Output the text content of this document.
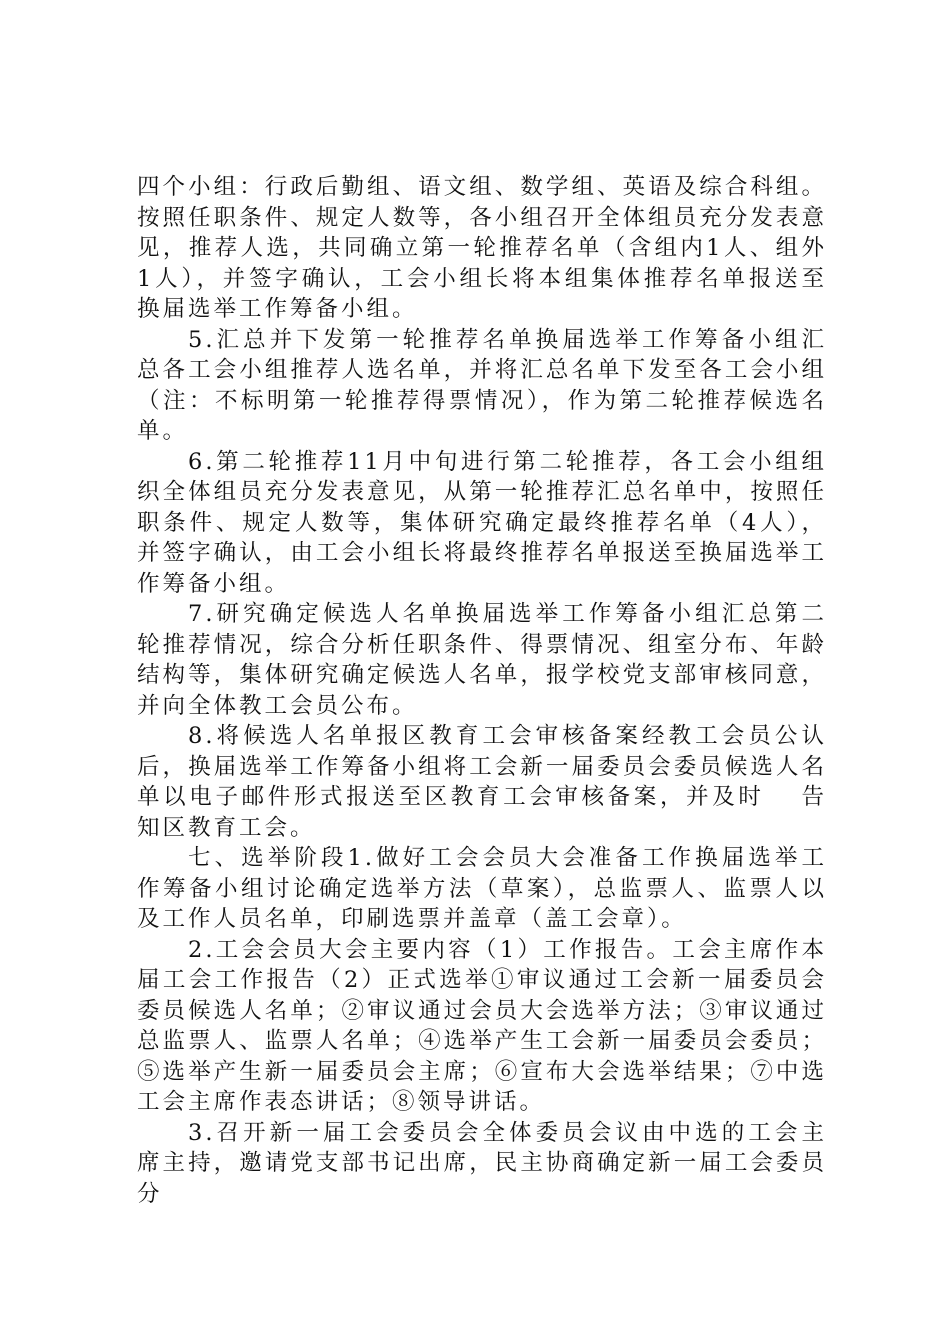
四个小组：行政后勤组、语文组、数学组、英语及综合科组。按照任职条件、规定人数等，各小组召开全体组员充分发表意见，推荐人选，共同确立第一轮推荐名单（含组内1人、组外1人），并签字确认，工会小组长将本组集体推荐名单报送至换届选举工作筹备小组。

5.汇总并下发第一轮推荐名单换届选举工作筹备小组汇总各工会小组推荐人选名单，并将汇总名单下发至各工会小组（注：不标明第一轮推荐得票情况），作为第二轮推荐候选名单。

6.第二轮推荐11月中旬进行第二轮推荐，各工会小组组织全体组员充分发表意见，从第一轮推荐汇总名单中，按照任职条件、规定人数等，集体研究确定最终推荐名单（4人），并签字确认，由工会小组长将最终推荐名单报送至换届选举工作筹备小组。

7.研究确定候选人名单换届选举工作筹备小组汇总第二轮推荐情况，综合分析任职条件、得票情况、组室分布、年龄结构等，集体研究确定候选人名单，报学校党支部审核同意，并向全体教工会员公布。

8.将候选人名单报区教育工会审核备案经教工会员公认后，换届选举工作筹备小组将工会新一届委员会委员候选人名单以电子邮件形式报送至区教育工会审核备案，并及时　 告知区教育工会。

七、选举阶段1.做好工会会员大会准备工作换届选举工作筹备小组讨论确定选举方法（草案），总监票人、监票人以及工作人员名单，印刷选票并盖章（盖工会章）。

2.工会会员大会主要内容（1）工作报告。工会主席作本届工会工作报告（2）正式选举①审议通过工会新一届委员会委员候选人名单；②审议通过会员大会选举方法；③审议通过总监票人、监票人名单；④选举产生工会新一届委员会委员；⑤选举产生新一届委员会主席；⑥宣布大会选举结果；⑦中选工会主席作表态讲话；⑧领导讲话。

3.召开新一届工会委员会全体委员会议由中选的工会主席主持，邀请党支部书记出席，民主协商确定新一届工会委员分
